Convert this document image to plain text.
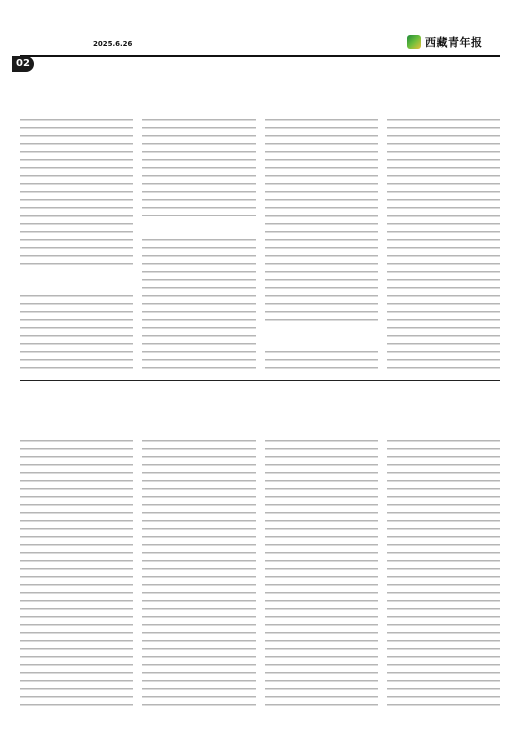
2025.6.26	西藏青年报
02
